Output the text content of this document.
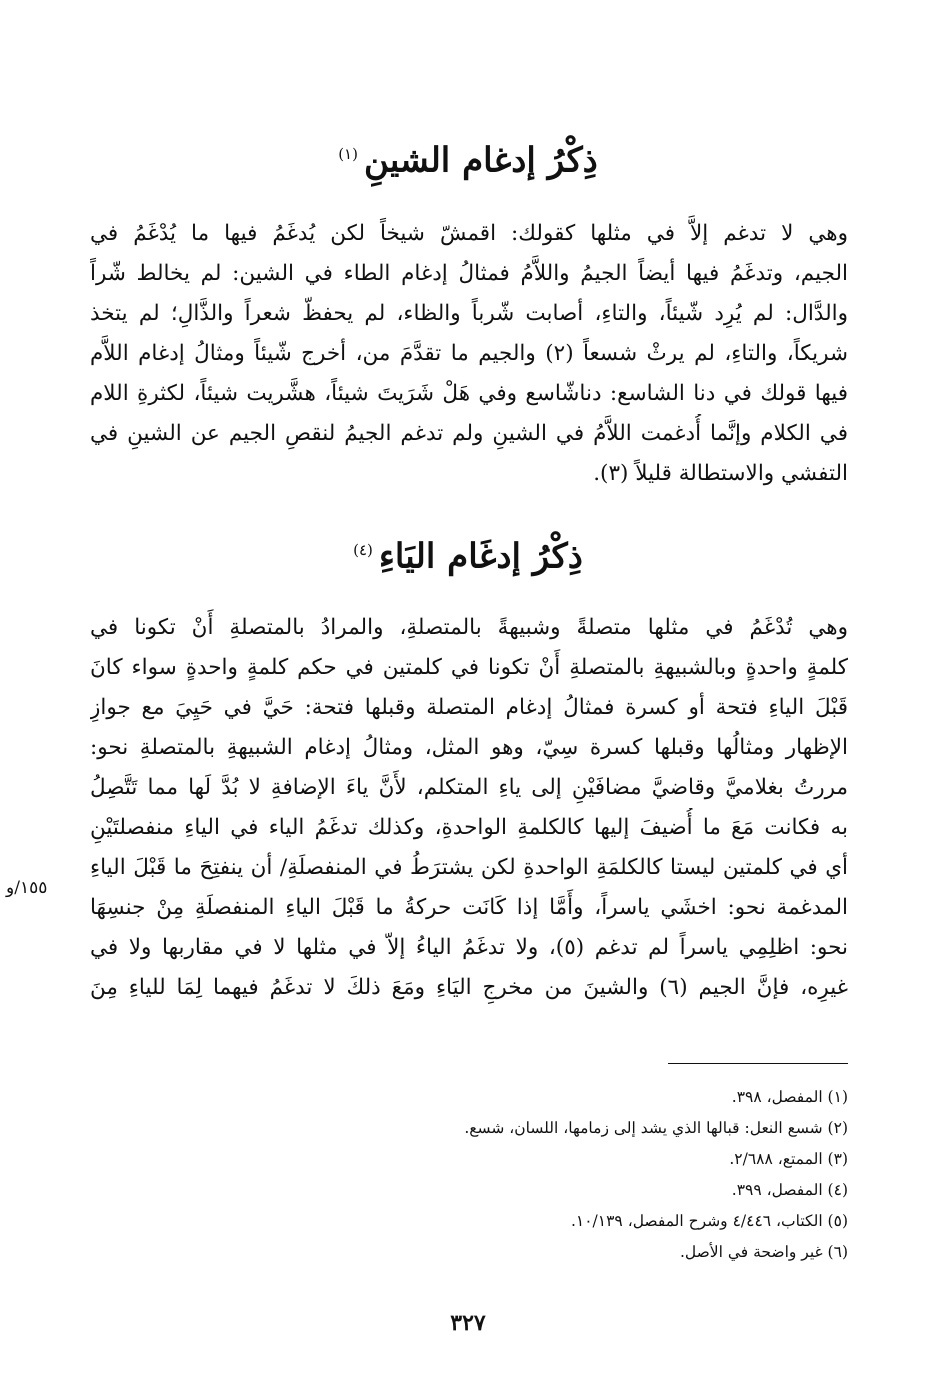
ذِكْرُ إدغام الشينِ$^{(١)}$
وهي لا تدغم إلاَّ في مثلها كقولك: اقمشّ شيخاً لكن يُدغَمُ فيها ما يُدْغَمُ في
الجيم، وتدغَمُ فيها أيضاً الجيمُ واللاَّمُ فمثالُ إدغام الطاء في الشين: لم يخالط شّراً
والدَّال: لم يُرِد شّيئاً، والتاءِ، أصابت شّرباً والظاء، لم يحفظّ شعراً والذَّالِ؛ لم يتخذ
شريكاً، والتاءِ، لم يرثْ شسعاً (٢) والجيم ما تقدَّمَ من، أخرج شّيئاً ومثالُ إدغام اللاَّم
فيها قولك في دنا الشاسع: دناشّاسع وفي هَلْ شَرَيتَ شيئاً، هشَّريت شيئاً، لكثرةِ اللام
في الكلام وإنَّما أُدغمت اللاَّمُ في الشينِ ولم تدغم الجيمُ لنقصِ الجيم عن الشينِ في
التفشي والاستطالة قليلاً (٣).
ذِكْرُ إدغَام اليَاءِ$^{(٤)}$
وهي تُدْغَمُ في مثلها متصلةً وشبيهةً بالمتصلةِ، والمرادُ بالمتصلةِ أَنْ تكونا في
كلمةٍ واحدةٍ وبالشبيهةِ بالمتصلةِ أَنْ تكونا في كلمتين في حكم كلمةٍ واحدةٍ سواء كانَ
قَبْلَ الياءِ فتحة أو كسرة فمثالُ إدغام المتصلة وقبلها فتحة: حَيَّ في حَيِيَ مع جوازِ
الإظهار ومثالُها وقبلها كسرة سِيّ، وهو المثل، ومثالُ إدغام الشبيهةِ بالمتصلةِ نحو:
مررتُ بغلاميَّ وقاضيَّ مضافَيْنِ إلى ياءِ المتكلم، لأَنَّ ياءَ الإضافةِ لا بُدَّ لَها مما تَتَّصِلُ
به فكانت مَعَ ما أُضيفَ إليها كالكلمةِ الواحدةِ، وكذلك تدغَمُ الياء في الياءِ منفصلتَيْنِ
أي في كلمتين ليستا كالكلمَةِ الواحدةِ لكن يشترَطُ في المنفصلَةِ/ أن ينفتِحَ ما قَبْلَ الياءِ
المدغمة نحو: اخشَي ياسراً، وأَمَّا إذا كَانَت حركةُ ما قَبْلَ الياءِ المنفصلَةِ مِنْ جنسِهَا
نحو: اظلِمِي ياسراً لم تدغم (٥)، ولا تدغَمُ الياءُ إلاّ في مثلها لا في مقاربها ولا في
غيرِه، فإنَّ الجيم (٦) والشينَ من مخرجِ اليَاءِ ومَعَ ذلكَ لا تدغَمُ فيهما لِمَا للياءِ مِنَ
١٥٥/و
(١) المفصل، ٣٩٨.
(٢) شسع النعل: قبالها الذي يشد إلى زمامها، اللسان، شسع.
(٣) الممتع، ٢/٦٨٨.
(٤) المفصل، ٣٩٩.
(٥) الكتاب، ٤/٤٤٦ وشرح المفصل، ١٠/١٣٩.
(٦) غير واضحة في الأصل.
٣٢٧
